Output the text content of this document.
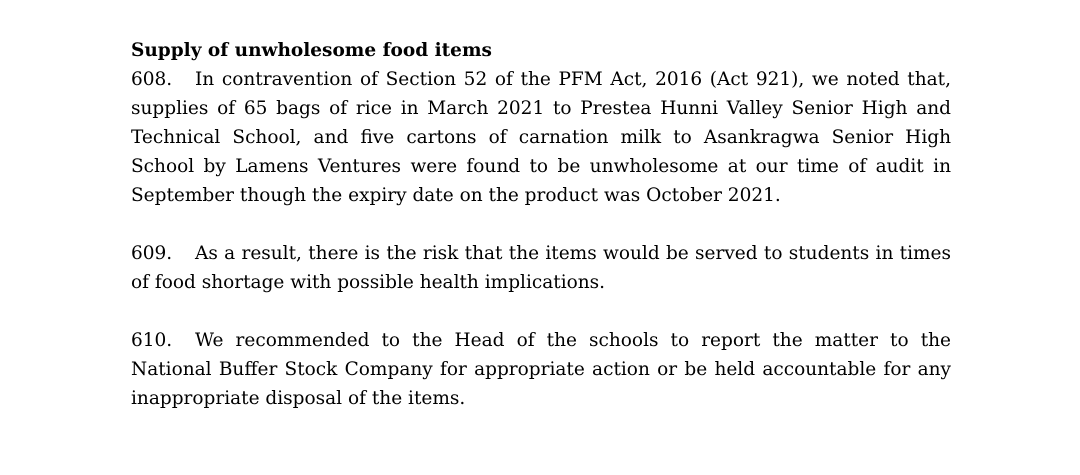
Supply of unwholesome food items

608. In contravention of Section 52 of the PFM Act, 2016 (Act 921), we noted that, supplies of 65 bags of rice in March 2021 to Prestea Hunni Valley Senior High and Technical School, and five cartons of carnation milk to Asankragwa Senior High School by Lamens Ventures were found to be unwholesome at our time of audit in September though the expiry date on the product was October 2021.

609. As a result, there is the risk that the items would be served to students in times of food shortage with possible health implications.

610. We recommended to the Head of the schools to report the matter to the National Buffer Stock Company for appropriate action or be held accountable for any inappropriate disposal of the items.
